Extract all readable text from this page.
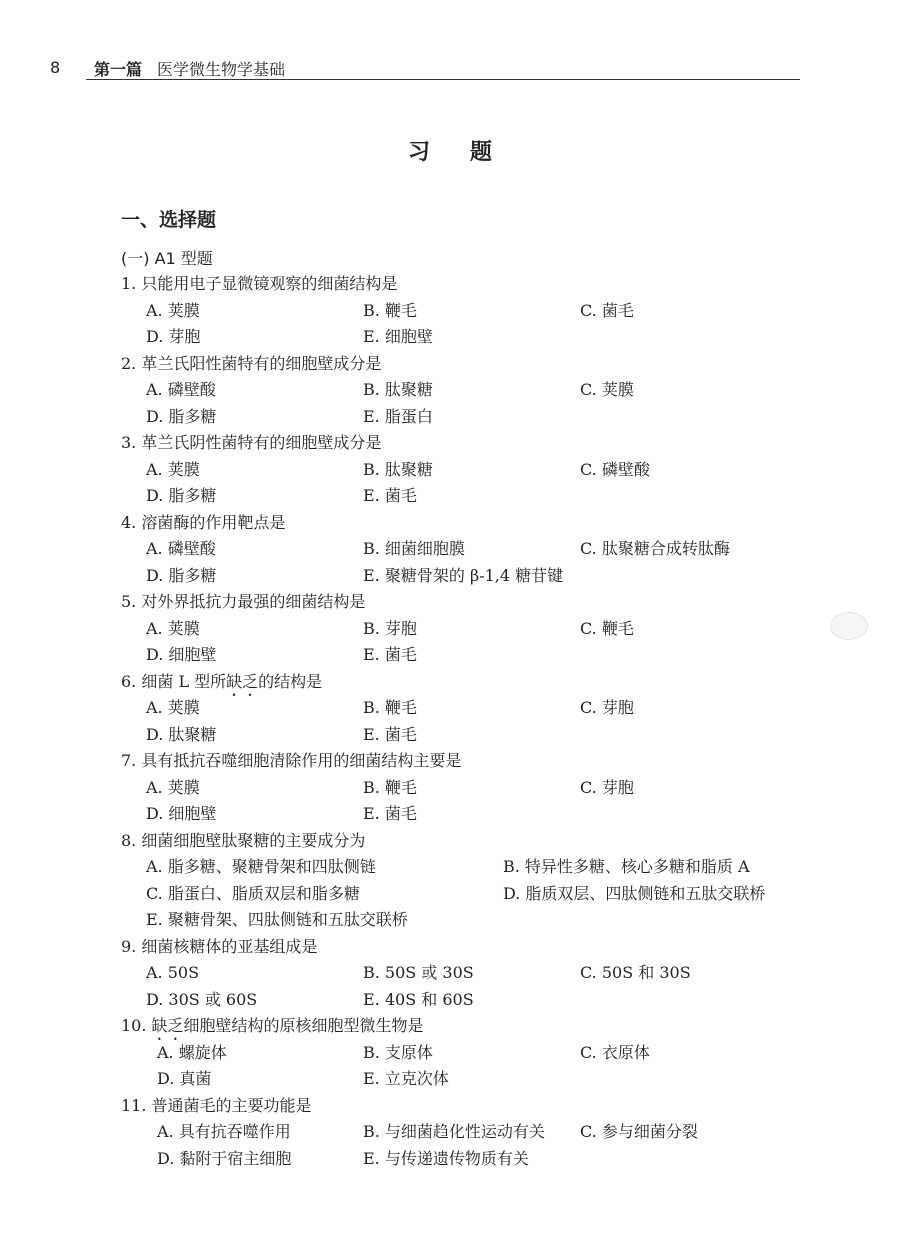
8 第一篇 医学微生物学基础
习 题
一、选择题
(一) A1 型题
1. 只能用电子显微镜观察的细菌结构是
A. 荚膜	B. 鞭毛	C. 菌毛
D. 芽胞	E. 细胞壁
2. 革兰氏阳性菌特有的细胞壁成分是
A. 磷壁酸	B. 肽聚糖	C. 荚膜
D. 脂多糖	E. 脂蛋白
3. 革兰氏阴性菌特有的细胞壁成分是
A. 荚膜	B. 肽聚糖	C. 磷壁酸
D. 脂多糖	E. 菌毛
4. 溶菌酶的作用靶点是
A. 磷壁酸	B. 细菌细胞膜	C. 肽聚糖合成转肽酶
D. 脂多糖	E. 聚糖骨架的 β-1,4 糖苷键
5. 对外界抵抗力最强的细菌结构是
A. 荚膜	B. 芽胞	C. 鞭毛
D. 细胞壁	E. 菌毛
6. 细菌 L 型所缺乏的结构是
A. 荚膜	B. 鞭毛	C. 芽胞
D. 肽聚糖	E. 菌毛
7. 具有抵抗吞噬细胞清除作用的细菌结构主要是
A. 荚膜	B. 鞭毛	C. 芽胞
D. 细胞壁	E. 菌毛
8. 细菌细胞壁肽聚糖的主要成分为
A. 脂多糖、聚糖骨架和四肽侧链	B. 特异性多糖、核心多糖和脂质 A
C. 脂蛋白、脂质双层和脂多糖	D. 脂质双层、四肽侧链和五肽交联桥
E. 聚糖骨架、四肽侧链和五肽交联桥
9. 细菌核糖体的亚基组成是
A. 50S	B. 50S 或 30S	C. 50S 和 30S
D. 30S 或 60S	E. 40S 和 60S
10. 缺乏细胞壁结构的原核细胞型微生物是
A. 螺旋体	B. 支原体	C. 衣原体
D. 真菌	E. 立克次体
11. 普通菌毛的主要功能是
A. 具有抗吞噬作用	B. 与细菌趋化性运动有关 C. 参与细菌分裂
D. 黏附于宿主细胞	E. 与传递遗传物质有关
